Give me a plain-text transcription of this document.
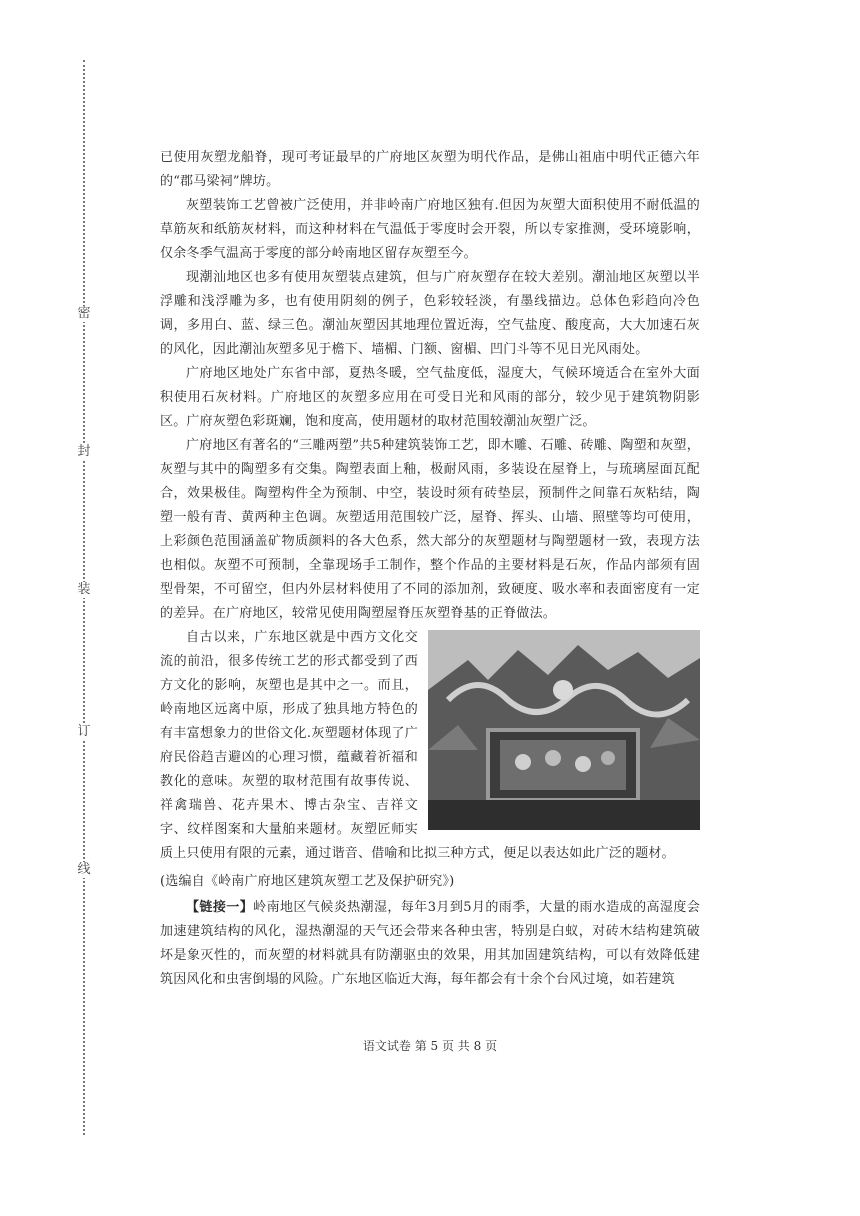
密
封
装
订
线

已使用灰塑龙船脊，现可考证最早的广府地区灰塑为明代作品，是佛山祖庙中明代正德六年的“郡马梁祠”牌坊。

灰塑装饰工艺曾被广泛使用，并非岭南广府地区独有.但因为灰塑大面积使用不耐低温的草筋灰和纸筋灰材料，而这种材料在气温低于零度时会开裂，所以专家推测，受环境影响，仅余冬季气温高于零度的部分岭南地区留存灰塑至今。

现潮汕地区也多有使用灰塑装点建筑，但与广府灰塑存在较大差别。潮汕地区灰塑以半浮雕和浅浮雕为多，也有使用阴刻的例子，色彩较轻淡，有墨线描边。总体色彩趋向冷色调，多用白、蓝、绿三色。潮汕灰塑因其地理位置近海，空气盐度、酸度高，大大加速石灰的风化，因此潮汕灰塑多见于檐下、墙楣、门额、窗楣、凹门斗等不见日光风雨处。

广府地区地处广东省中部，夏热冬暖，空气盐度低，湿度大，气候环境适合在室外大面积使用石灰材料。广府地区的灰塑多应用在可受日光和风雨的部分，较少见于建筑物阴影区。广府灰塑色彩斑斓，饱和度高，使用题材的取材范围较潮汕灰塑广泛。

广府地区有著名的“三雕两塑”共5种建筑装饰工艺，即木雕、石雕、砖雕、陶塑和灰塑，灰塑与其中的陶塑多有交集。陶塑表面上釉，极耐风雨，多装设在屋脊上，与琉璃屋面瓦配合，效果极佳。陶塑构件全为预制、中空，装设时须有砖垫层，预制件之间靠石灰粘结，陶塑一般有青、黄两种主色调。灰塑适用范围较广泛，屋脊、挥头、山墙、照壁等均可使用，上彩颜色范围涵盖矿物质颜料的各大色系，然大部分的灰塑题材与陶塑题材一致，表现方法也相似。灰塑不可预制，全靠现场手工制作，整个作品的主要材料是石灰，作品内部须有固型骨架，不可留空，但内外层材料使用了不同的添加剂，致硬度、吸水率和表面密度有一定的差异。在广府地区，较常见使用陶塑屋脊压灰塑脊基的正脊做法。

自古以来，广东地区就是中西方文化交流的前沿，很多传统工艺的形式都受到了西方文化的影响，灰塑也是其中之一。而且，岭南地区远离中原，形成了独具地方特色的有丰富想象力的世俗文化.灰塑题材体现了广府民俗趋吉避凶的心理习惯，蕴藏着祈福和教化的意味。灰塑的取材范围有故事传说、祥禽瑞兽、花卉果木、博古杂宝、吉祥文字、纹样图案和大量舶来题材。灰塑匠师实质上只使用有限的元素，通过谐音、借喻和比拟三种方式，便足以表达如此广泛的题材。

(选编自《岭南广府地区建筑灰塑工艺及保护研究》)

【链接一】岭南地区气候炎热潮湿，每年3月到5月的雨季，大量的雨水造成的高湿度会加速建筑结构的风化，湿热潮湿的天气还会带来各种虫害，特别是白蚁，对砖木结构建筑破坏是象灭性的，而灰塑的材料就具有防潮驱虫的效果，用其加固建筑结构，可以有效降低建筑因风化和虫害倒塌的风险。广东地区临近大海，每年都会有十余个台风过境，如若建筑

语文试卷 第 5 页 共 8 页
